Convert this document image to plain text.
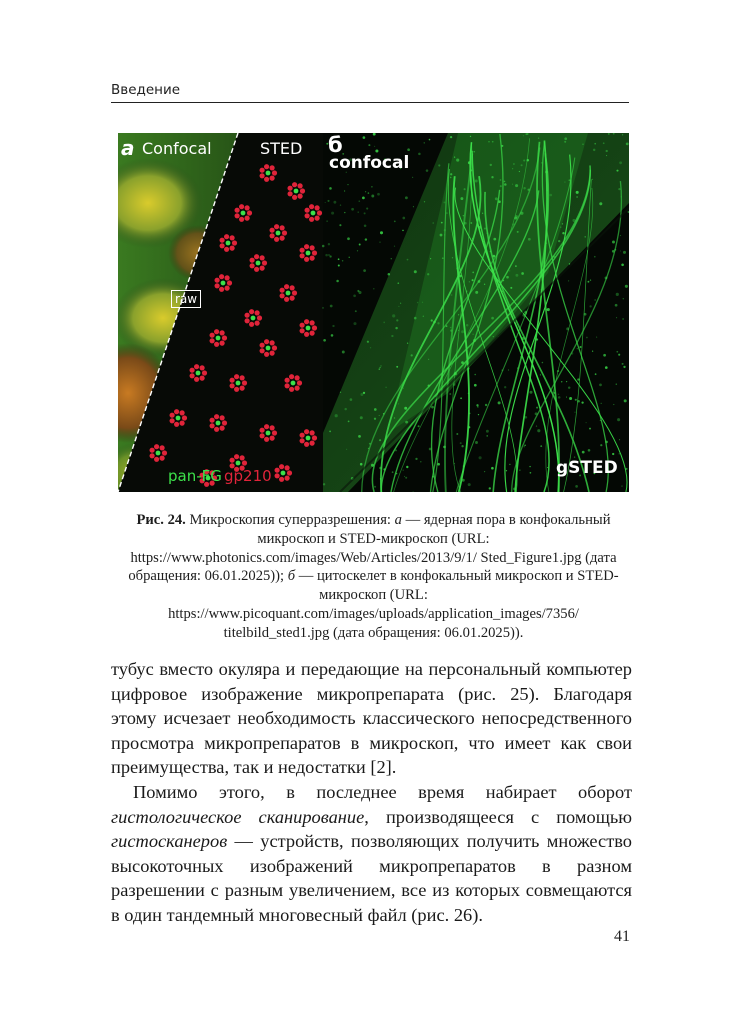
Введение
a Confocal	STED
raw
pan-FG gp210
б
confocal
gSTED
Рис. 24. Микроскопия суперразрешения: а — ядерная пора в конфокальный микроскоп и STED-микроскоп (URL: https://www.photonics.com/images/Web/Articles/2013/9/1/ Sted_Figure1.jpg (дата обращения: 06.01.2025)); б — цитоскелет в конфокальный микроскоп и STED-микроскоп (URL: https://www.picoquant.com/images/uploads/application_images/7356/ titelbild_sted1.jpg (дата обращения: 06.01.2025)).

тубус вместо окуляра и передающие на персональный компьютер цифровое изображение микропрепарата (рис. 25). Благодаря этому исчезает необходимость классического непосредственного просмотра микропрепаратов в микроскоп, что имеет как свои преимущества, так и недостатки [2].

Помимо этого, в последнее время набирает оборот гистологическое сканирование, производящееся с помощью гистосканеров — устройств, позволяющих получить множество высокоточных изображений микропрепаратов в разном разрешении с разным увеличением, все из которых совмещаются в один тандемный многовесный файл (рис. 26).

41
